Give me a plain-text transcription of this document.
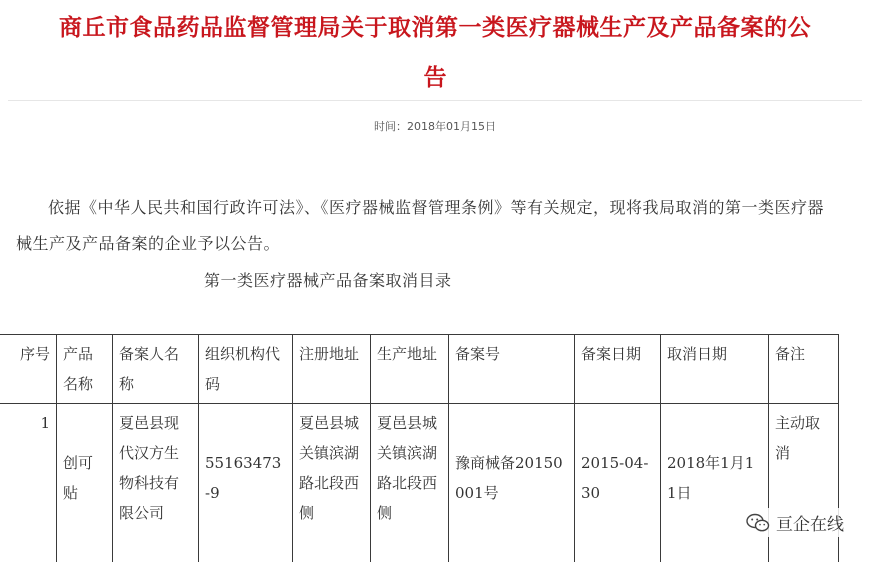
商丘市食品药品监督管理局关于取消第一类医疗器械生产及产品备案的公
告
时间：2018年01月15日
依据《中华人民共和国行政许可法》、《医疗器械监督管理条例》等有关规定，现将我局取消的第一类医疗器械生产及产品备案的企业予以公告。
第一类医疗器械产品备案取消目录
序号	产品名称	备案人名称	组织机构代码	注册地址	生产地址	备案号	备案日期	取消日期	备注
1	创可贴	夏邑县现代汉方生物科技有限公司	55163473-9	夏邑县城关镇滨湖路北段西侧	夏邑县城关镇滨湖路北段西侧	豫商械备20150001号	2015-04-30	2018年1月11日	主动取消
亘企在线
